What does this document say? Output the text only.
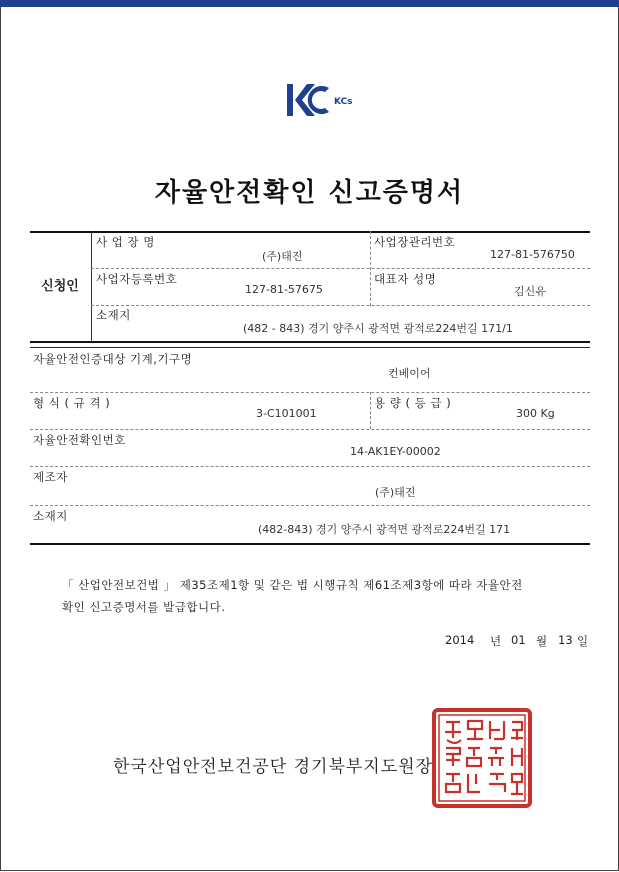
KCs
자율안전확인 신고증명서
신청인
사 업 장 명
(주)태진
사업장관리번호
127-81-576750
사업자등록번호
127-81-57675
대표자 성명
김신유
소재지
(482 - 843) 경기 양주시 광적면 광적로224번길 171/1
자율안전인증대상 기계,기구명
컨베이어
형 식 ( 규 격 )
3-C101001
용 량 ( 등 급 )
300 Kg
자율안전확인번호
14-AK1EY-00002
제조자
(주)태진
소재지
(482-843) 경기 양주시 광적면 광적로224번길 171
「 산업안전보건법 」 제35조제1항 및 같은 법 시행규칙 제61조제3항에 따라 자율안전
확인 신고증명서를 발급합니다.
2014 년 01 월 13 일
한국산업안전보건공단 경기북부지도원장
